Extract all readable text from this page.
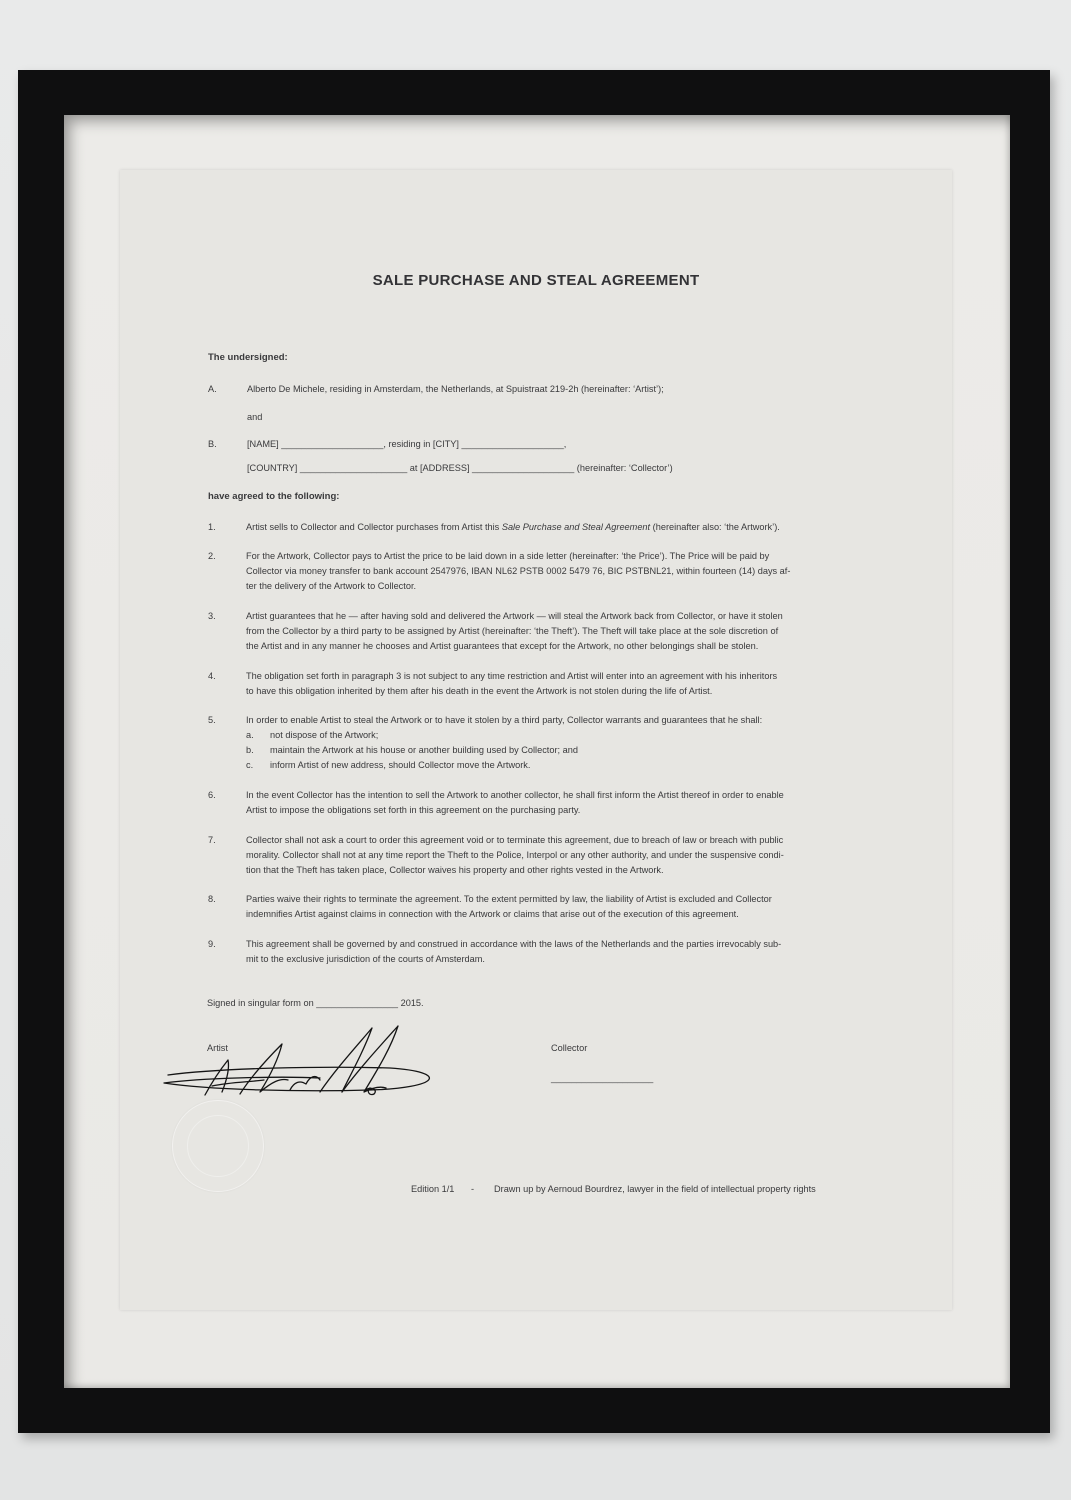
SALE PURCHASE AND STEAL AGREEMENT
The undersigned:
A.	Alberto De Michele, residing in Amsterdam, the Netherlands, at Spuistraat 219-2h (hereinafter: ‘Artist’);
and
B.	[NAME] ____________________, residing in [CITY] ____________________,
[COUNTRY] _____________________ at [ADDRESS] ____________________ (hereinafter: ‘Collector’)
have agreed to the following:
1.	Artist sells to Collector and Collector purchases from Artist this Sale Purchase and Steal Agreement (hereinafter also: ‘the Artwork’).
2.	For the Artwork, Collector pays to Artist the price to be laid down in a side letter (hereinafter: ‘the Price’). The Price will be paid by
Collector via money transfer to bank account 2547976, IBAN NL62 PSTB 0002 5479 76, BIC PSTBNL21, within fourteen (14) days af-
ter the delivery of the Artwork to Collector.
3.	Artist guarantees that he — after having sold and delivered the Artwork — will steal the Artwork back from Collector, or have it stolen
from the Collector by a third party to be assigned by Artist (hereinafter: ‘the Theft’). The Theft will take place at the sole discretion of
the Artist and in any manner he chooses and Artist guarantees that except for the Artwork, no other belongings shall be stolen.
4.	The obligation set forth in paragraph 3 is not subject to any time restriction and Artist will enter into an agreement with his inheritors
to have this obligation inherited by them after his death in the event the Artwork is not stolen during the life of Artist.
5.	In order to enable Artist to steal the Artwork or to have it stolen by a third party, Collector warrants and guarantees that he shall:
a. not dispose of the Artwork;
b. maintain the Artwork at his house or another building used by Collector; and
c. inform Artist of new address, should Collector move the Artwork.
6.	In the event Collector has the intention to sell the Artwork to another collector, he shall first inform the Artist thereof in order to enable
Artist to impose the obligations set forth in this agreement on the purchasing party.
7.	Collector shall not ask a court to order this agreement void or to terminate this agreement, due to breach of law or breach with public
morality. Collector shall not at any time report the Theft to the Police, Interpol or any other authority, and under the suspensive condi-
tion that the Theft has taken place, Collector waives his property and other rights vested in the Artwork.
8.	Parties waive their rights to terminate the agreement. To the extent permitted by law, the liability of Artist is excluded and Collector
indemnifies Artist against claims in connection with the Artwork or claims that arise out of the execution of this agreement.
9.	This agreement shall be governed by and construed in accordance with the laws of the Netherlands and the parties irrevocably sub-
mit to the exclusive jurisdiction of the courts of Amsterdam.
Signed in singular form on ________________ 2015.
Artist	Collector
____________________
Edition 1/1 - Drawn up by Aernoud Bourdrez, lawyer in the field of intellectual property rights
